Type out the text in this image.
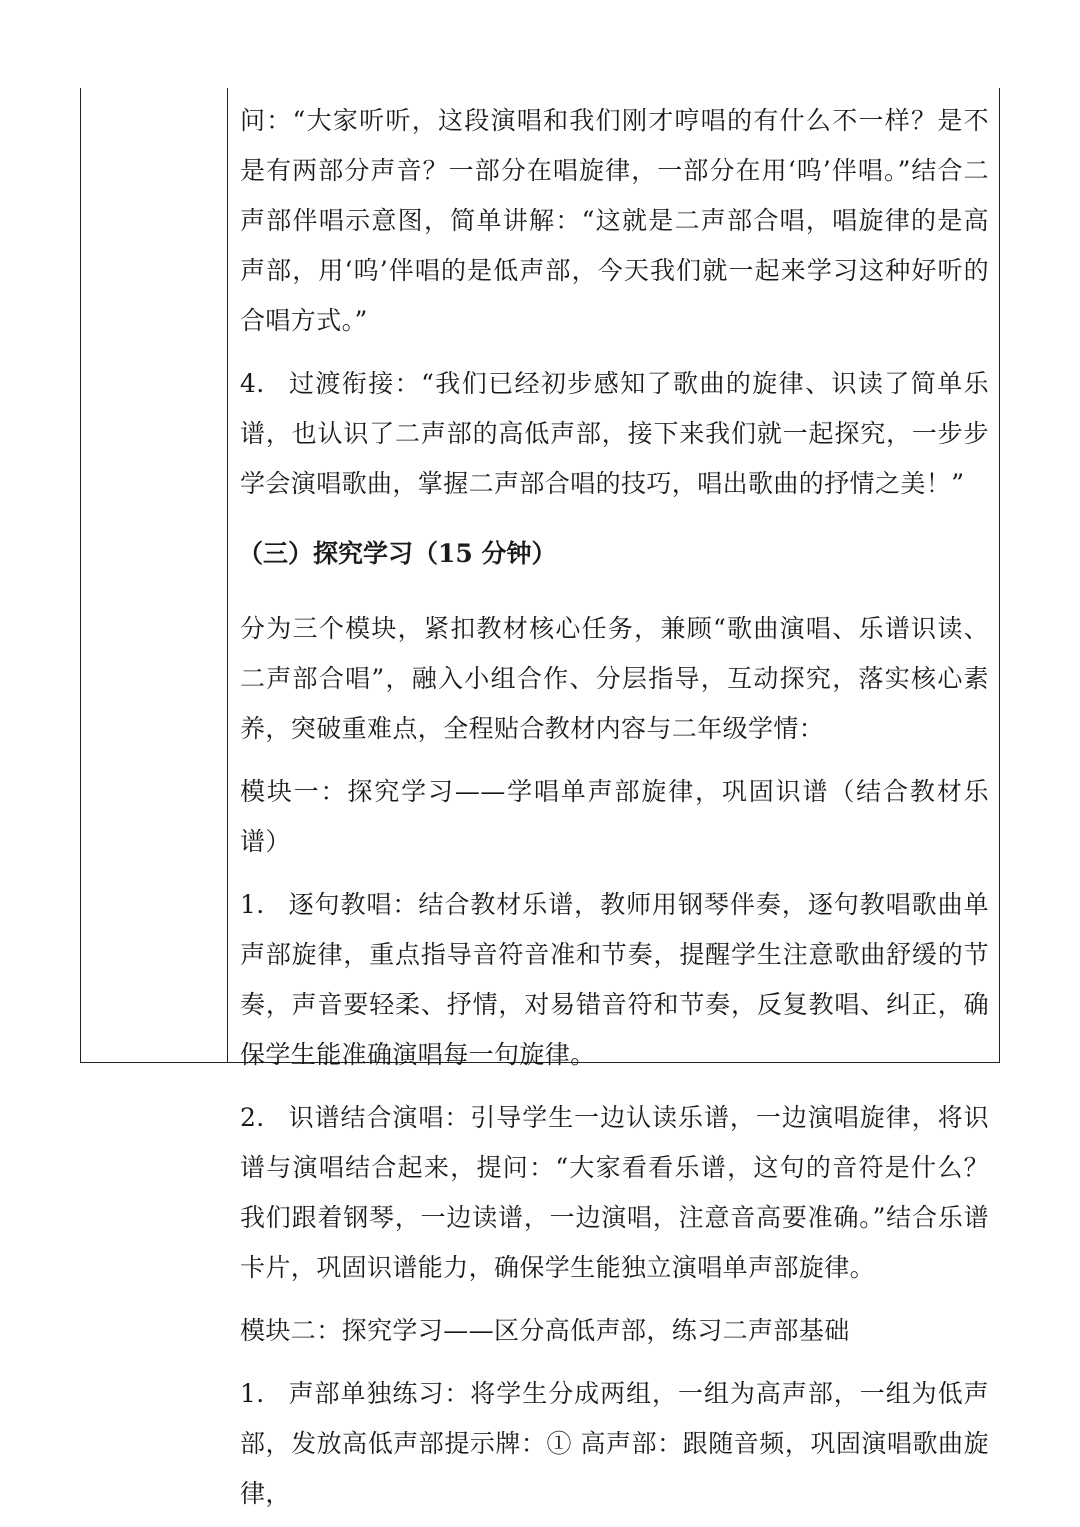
问：“大家听听，这段演唱和我们刚才哼唱的有什么不一样？是不是有两部分声音？一部分在唱旋律，一部分在用‘呜’伴唱。”结合二声部伴唱示意图，简单讲解：“这就是二声部合唱，唱旋律的是高声部，用‘呜’伴唱的是低声部，今天我们就一起来学习这种好听的合唱方式。”

4. 过渡衔接：“我们已经初步感知了歌曲的旋律、识读了简单乐谱，也认识了二声部的高低声部，接下来我们就一起探究，一步步学会演唱歌曲，掌握二声部合唱的技巧，唱出歌曲的抒情之美！”

（三）探究学习（15 分钟）

分为三个模块，紧扣教材核心任务，兼顾“歌曲演唱、乐谱识读、二声部合唱”，融入小组合作、分层指导，互动探究，落实核心素养，突破重难点，全程贴合教材内容与二年级学情：

模块一：探究学习——学唱单声部旋律，巩固识谱（结合教材乐谱）

1. 逐句教唱：结合教材乐谱，教师用钢琴伴奏，逐句教唱歌曲单声部旋律，重点指导音符音准和节奏，提醒学生注意歌曲舒缓的节奏，声音要轻柔、抒情，对易错音符和节奏，反复教唱、纠正，确保学生能准确演唱每一句旋律。

2. 识谱结合演唱：引导学生一边认读乐谱，一边演唱旋律，将识谱与演唱结合起来，提问：“大家看看乐谱，这句的音符是什么？我们跟着钢琴，一边读谱，一边演唱，注意音高要准确。”结合乐谱卡片，巩固识谱能力，确保学生能独立演唱单声部旋律。

模块二：探究学习——区分高低声部，练习二声部基础

1. 声部单独练习：将学生分成两组，一组为高声部，一组为低声部，发放高低声部提示牌：① 高声部：跟随音频，巩固演唱歌曲旋律，
